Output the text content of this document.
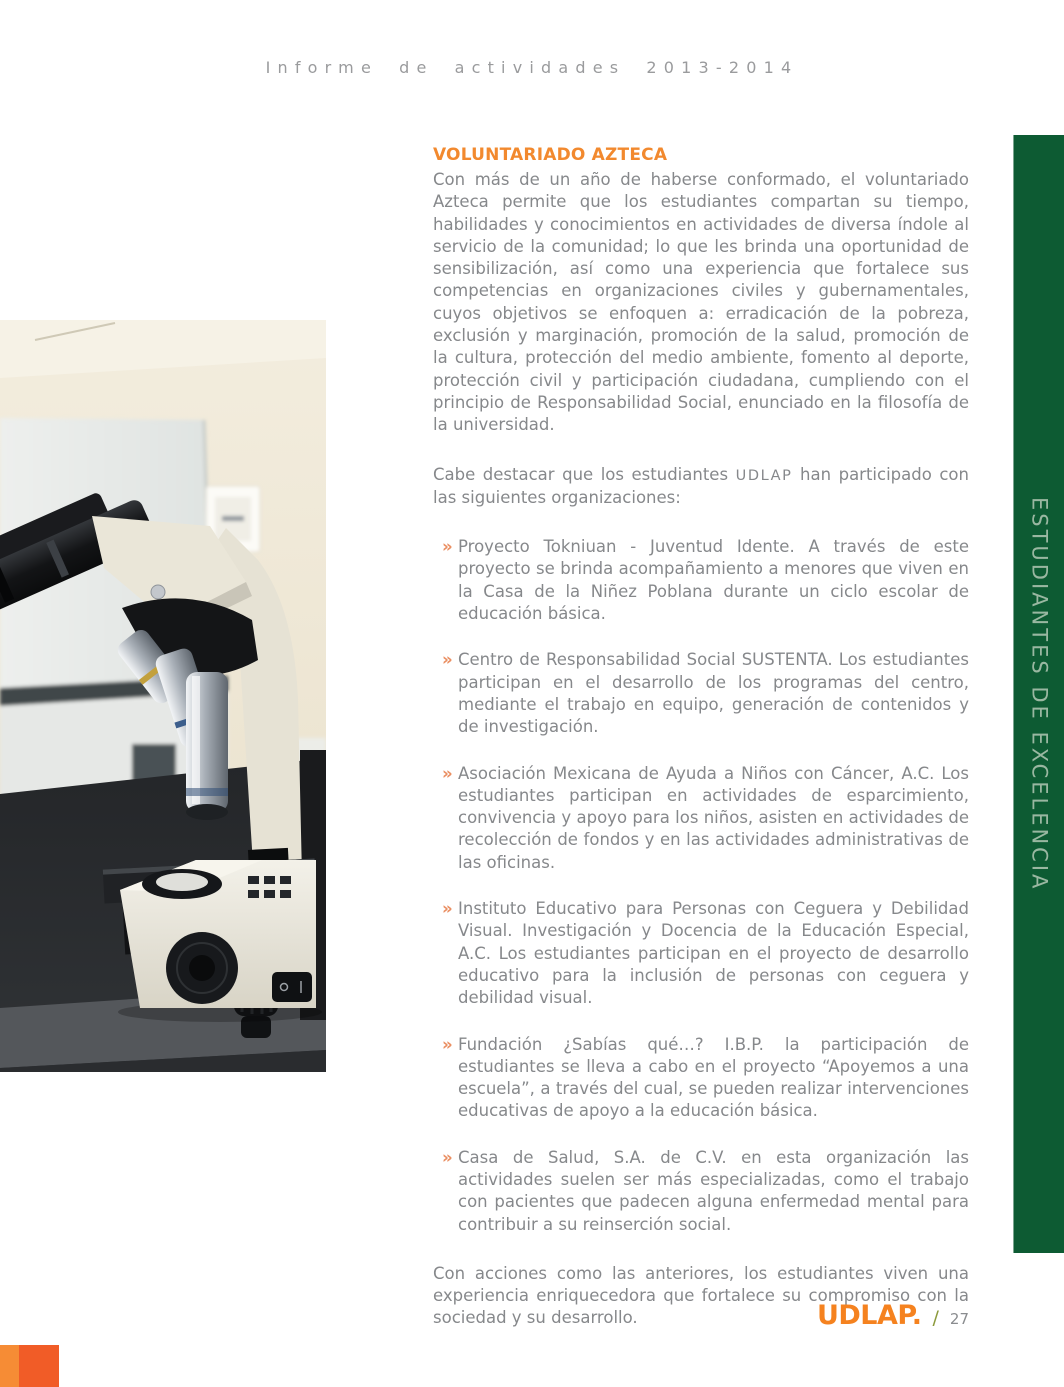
Informe de actividades 2013-2014
ESTUDIANTES DE EXCELENCIA
VOLUNTARIADO AZTECA

Con más de un año de haberse conformado, el voluntariado Azteca permite que los estudiantes compartan su tiempo, habilidades y conocimientos en actividades de diversa índole al servicio de la comunidad; lo que les brinda una oportunidad de sensibilización, así como una experiencia que fortalece sus competencias en organizaciones civiles y gubernamentales, cuyos objetivos se enfoquen a: erradicación de la pobreza, exclusión y marginación, promoción de la salud, promoción de la cultura, protección del medio ambiente, fomento al deporte, protección civil y participación ciudadana, cumpliendo con el principio de Responsabilidad Social, enunciado en la filosofía de la universidad.

Cabe destacar que los estudiantes UDLAP han participado con las siguientes organizaciones:

» Proyecto Tokniuan - Juventud Idente. A través de este proyecto se brinda acompañamiento a menores que viven en la Casa de la Niñez Poblana durante un ciclo escolar de educación básica.
» Centro de Responsabilidad Social SUSTENTA. Los estudiantes participan en el desarrollo de los programas del centro, mediante el trabajo en equipo, generación de contenidos y de investigación.
» Asociación Mexicana de Ayuda a Niños con Cáncer, A.C. Los estudiantes participan en actividades de esparcimiento, convivencia y apoyo para los niños, asisten en actividades de recolección de fondos y en las actividades administrativas de las oficinas.
» Instituto Educativo para Personas con Ceguera y Debilidad Visual. Investigación y Docencia de la Educación Especial, A.C. Los estudiantes participan en el proyecto de desarrollo educativo para la inclusión de personas con ceguera y debilidad visual.
» Fundación ¿Sabías qué…? I.B.P. la participación de estudiantes se lleva a cabo en el proyecto “Apoyemos a una escuela”, a través del cual, se pueden realizar intervenciones educativas de apoyo a la educación básica.
» Casa de Salud, S.A. de C.V. en esta organización las actividades suelen ser más especializadas, como el trabajo con pacientes que padecen alguna enfermedad mental para contribuir a su reinserción social.

Con acciones como las anteriores, los estudiantes viven una experiencia enriquecedora que fortalece su compromiso con la sociedad y su desarrollo.	UDLAP. / 27
